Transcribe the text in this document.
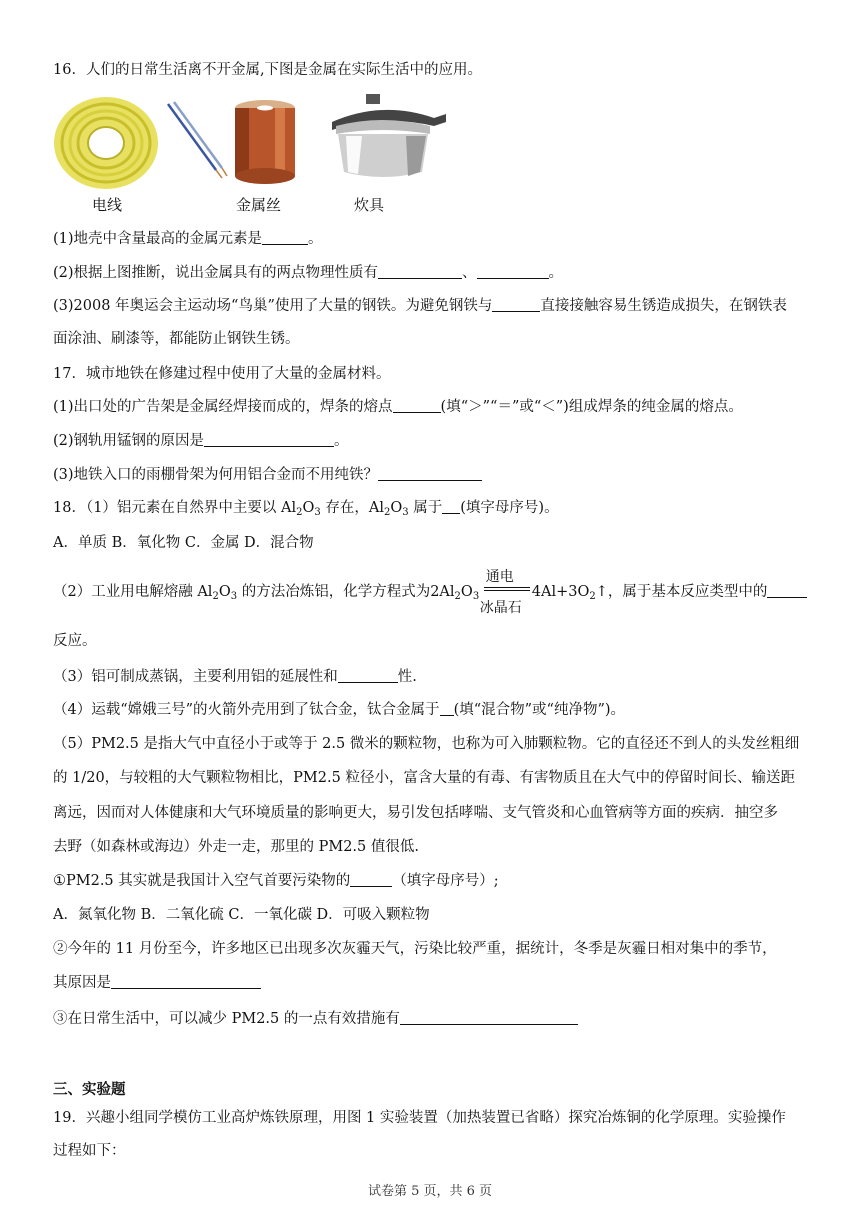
16．人们的日常生活离不开金属,下图是金属在实际生活中的应用。
电线	金属丝	炊具
(1)地壳中含量最高的金属元素是	。
(2)根据上图推断，说出金属具有的两点物理性质有	、	。
(3)2008 年奥运会主运动场“鸟巢”使用了大量的钢铁。为避免钢铁与	直接接触容易生锈造成损失，在钢铁表
面涂油、刷漆等，都能防止钢铁生锈。
17．城市地铁在修建过程中使用了大量的金属材料。
(1)出口处的广告架是金属经焊接而成的，焊条的熔点	(填“＞”“＝”或“＜”)组成焊条的纯金属的熔点。
(2)钢轨用锰钢的原因是	。
(3)地铁入口的雨棚骨架为何用铝合金而不用纯铁？
18．（1）铝元素在自然界中主要以 $Al_2O_3$ 存在，$Al_2O_3$ 属于 (填字母序号)。
A．单质 B．氧化物 C．金属 D．混合物
（2）工业用电解熔融 $Al_2O_3$ 的方法冶炼铝，化学方程式为$2Al_2O_3$
通电
冰晶石
$4Al+3O_2↑$，属于基本反应类型中的
反应。
（3）铝可制成蒸锅，主要利用铝的延展性和	性.
（4）运载“嫦娥三号”的火箭外壳用到了钛合金，钛合金属于 (填“混合物”或“纯净物”)。
（5）PM2.5 是指大气中直径小于或等于 2.5 微米的颗粒物，也称为可入肺颗粒物。它的直径还不到人的头发丝粗细
的 1/20，与较粗的大气颗粒物相比，PM2.5 粒径小，富含大量的有毒、有害物质且在大气中的停留时间长、输送距
离远，因而对人体健康和大气环境质量的影响更大，易引发包括哮喘、支气管炎和心血管病等方面的疾病．抽空多
去野（如森林或海边）外走一走，那里的 PM2.5 值很低.
①PM2.5 其实就是我国计入空气首要污染物的	（填字母序号）;
A．氮氧化物 B．二氧化硫 C．一氧化碳 D．可吸入颗粒物
②今年的 11 月份至今，许多地区已出现多次灰霾天气，污染比较严重，据统计，冬季是灰霾日相对集中的季节，
其原因是
③在日常生活中，可以减少 PM2.5 的一点有效措施有
三、实验题
19．兴趣小组同学模仿工业高炉炼铁原理，用图 1 实验装置（加热装置已省略）探究冶炼铜的化学原理。实验操作
过程如下：
试卷第 5 页，共 6 页
